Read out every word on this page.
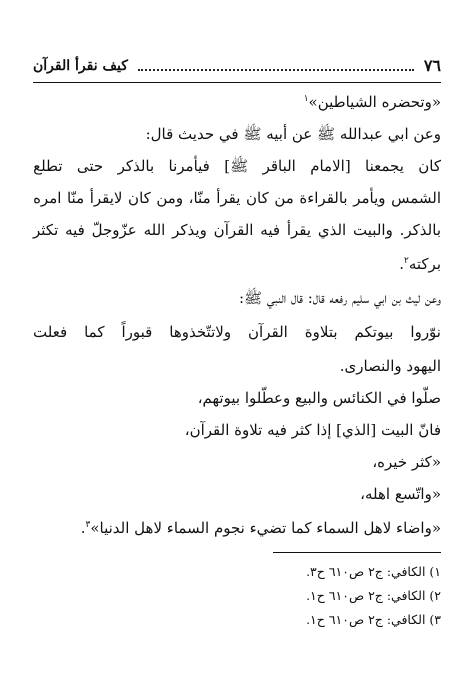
٧٦
كيف نقرأ القرآن
«وتحضره الشياطين»$^١$
وعن ابي عبدالله ﷺ عن أبيه ﷺ في حديث قال:
كان
يجمعنا
[الامام
الباقر
ﷺ]
فيأمرنا
بالذكر
حتى
تطلع
الشمس
ويأمر
بالقراءة
من
كان
يقرأ
منّا،
ومن
كان
لايقرأ
منّا
امره
بالذكر.
والبيت
الذي
يقرأ
فيه
القرآن
ويذكر
الله
عزّوجلّ
فيه
تكثر
بركته$^٢$.
وعن ليث بن ابي سليم رفعه قال: قال النبي ﷺ:
نوّروا
بيوتكم
بتلاوة
القرآن
ولاتتّخذوها
قبوراً
كما
فعلت
اليهود والنصارى.
صلّوا في الكنائس والبيع وعطّلوا بيوتهم،
فانّ البيت [الذي] إذا كثر فيه تلاوة القرآن،
«كثر خيره،
«واتّسع اهله،
«واضاء لاهل السماء كما تضيء نجوم السماء لاهل الدنيا»$^٣$.
١) الكافي: ج٢ ص٦١٠ ح٣.
٢) الكافي: ج٢ ص٦١٠ ح١.
٣) الكافي: ج٢ ص٦١٠ ح١.
